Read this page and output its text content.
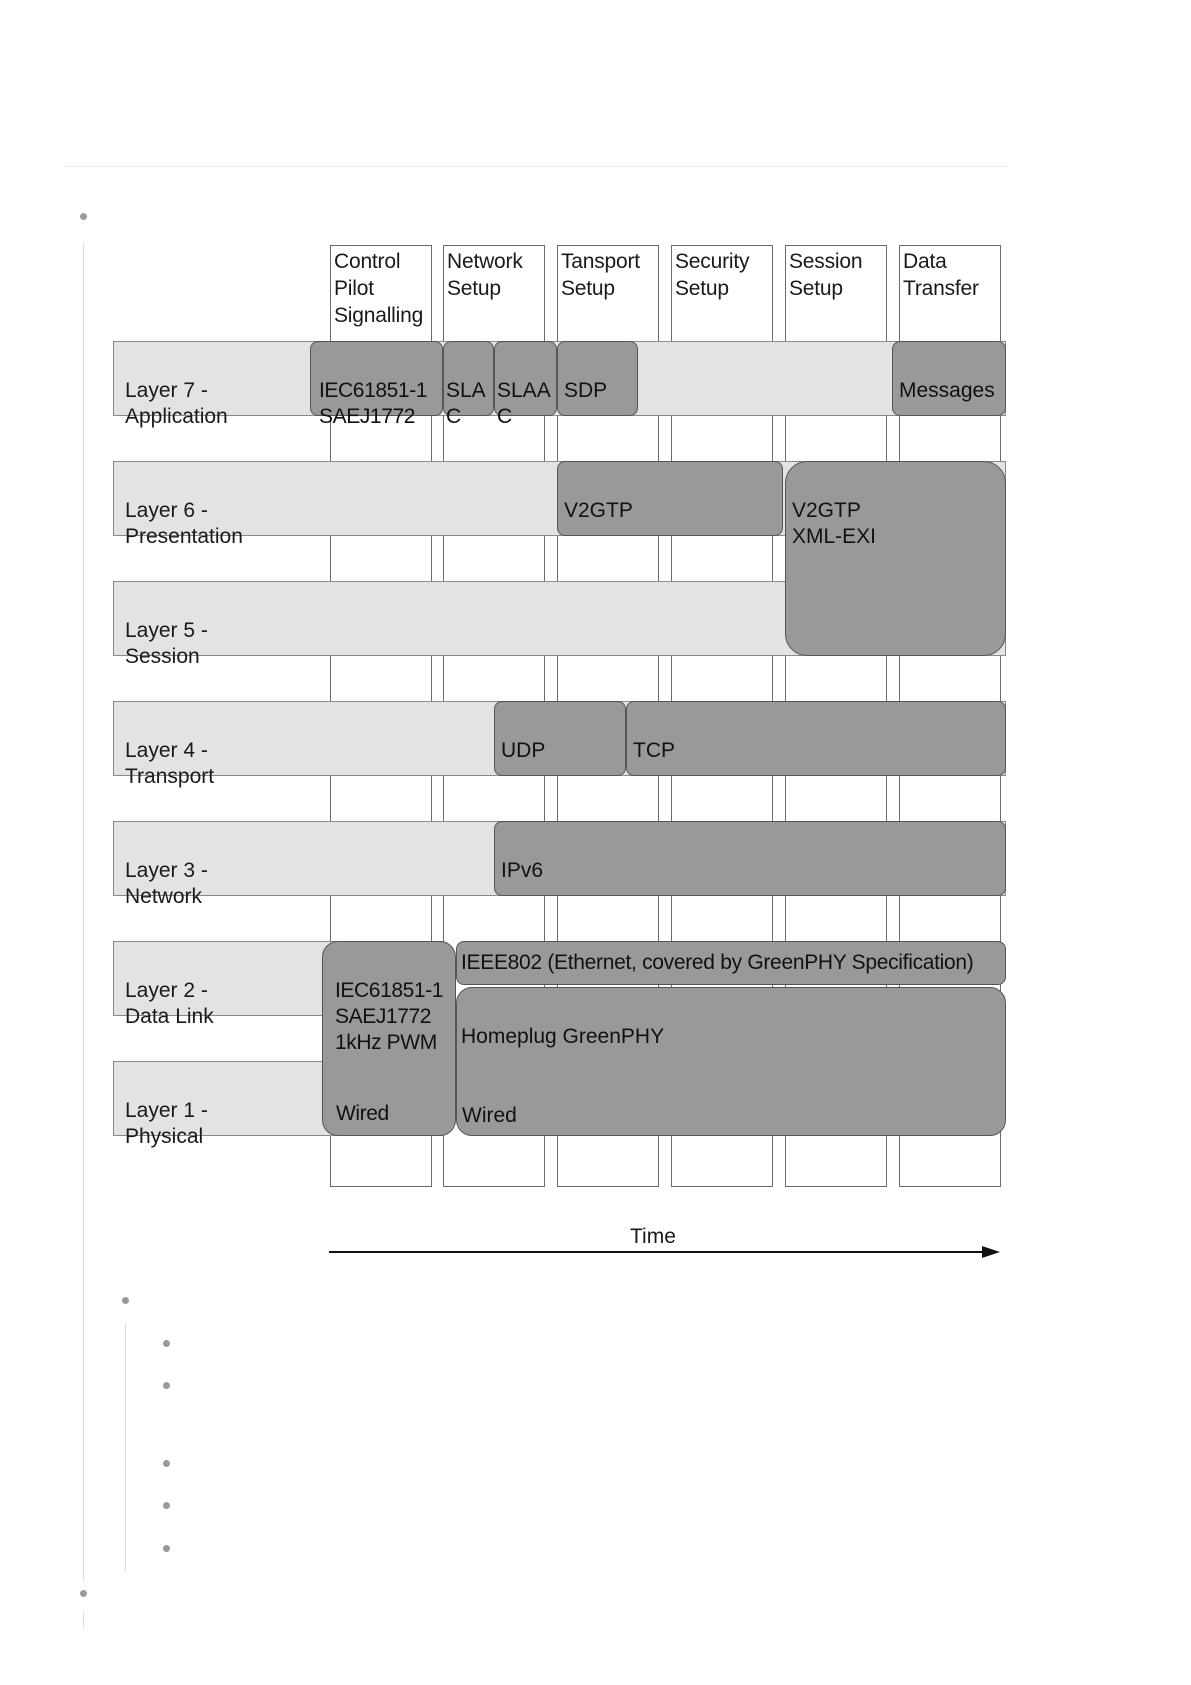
Control
Pilot
Signalling
Network
Setup
Tansport
Setup
Security
Setup
Session
Setup
Data
Transfer

Layer 7 -
Application

Layer 6 -
Presentation

Layer 5 -
Session

Layer 4 -
Transport

Layer 3 -
Network

Layer 2 -
Data Link

Layer 1 -
Physical

IEC61851-1
SAEJ1772

SLA
C

SLAA
C

SDP	Messages

V2GTP	V2GTP
XML-EXI

UDP	TCP

IPv6

IEC61851-1
SAEJ1772
1kHz PWM

Wired

IEEE802 (Ethernet, covered by GreenPHY Specification)

Homeplug GreenPHY

Wired

Time
